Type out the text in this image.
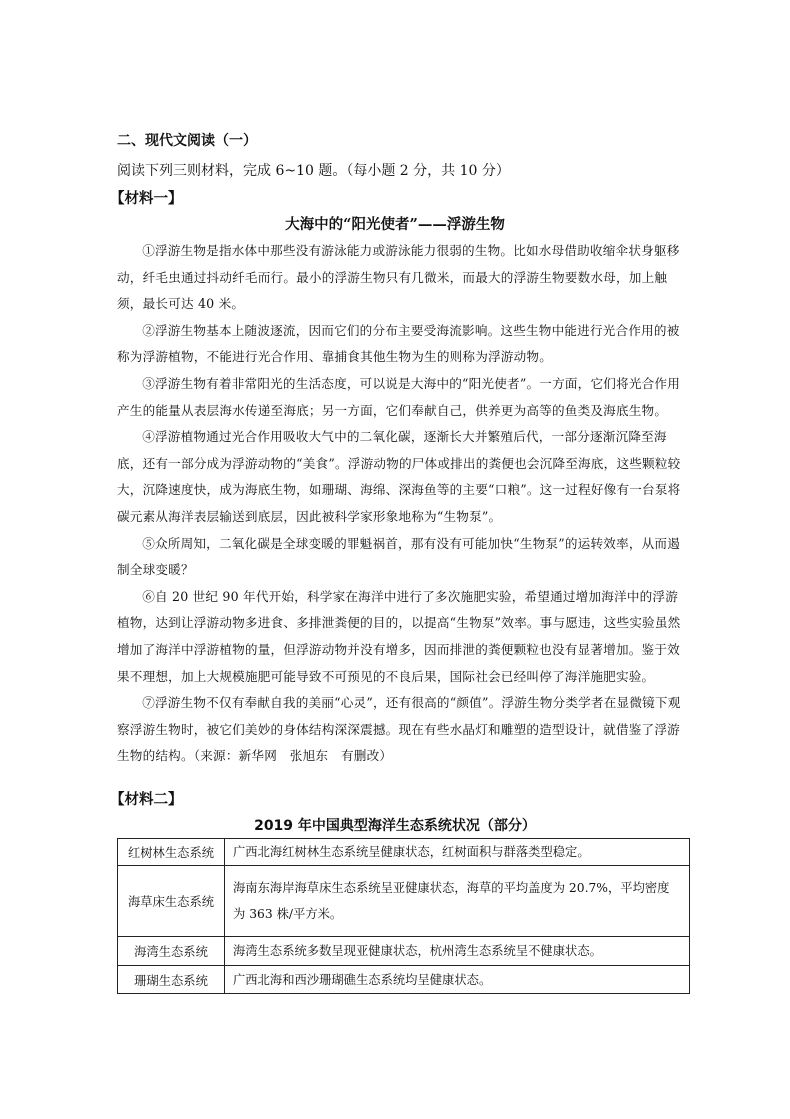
二、现代文阅读（一）
阅读下列三则材料，完成 6~10 题。（每小题 2 分，共 10 分）
【材料一】
大海中的“阳光使者”——浮游生物

①浮游生物是指水体中那些没有游泳能力或游泳能力很弱的生物。比如水母借助收缩伞状身躯移动，纤毛虫通过抖动纤毛而行。最小的浮游生物只有几微米，而最大的浮游生物要数水母，加上触须，最长可达 40 米。

②浮游生物基本上随波逐流，因而它们的分布主要受海流影响。这些生物中能进行光合作用的被称为浮游植物，不能进行光合作用、靠捕食其他生物为生的则称为浮游动物。

③浮游生物有着非常阳光的生活态度，可以说是大海中的“阳光使者”。一方面，它们将光合作用产生的能量从表层海水传递至海底；另一方面，它们奉献自己，供养更为高等的鱼类及海底生物。

④浮游植物通过光合作用吸收大气中的二氧化碳，逐渐长大并繁殖后代，一部分逐渐沉降至海底，还有一部分成为浮游动物的“美食”。浮游动物的尸体或排出的粪便也会沉降至海底，这些颗粒较大，沉降速度快，成为海底生物，如珊瑚、海绵、深海鱼等的主要“口粮”。这一过程好像有一台泵将碳元素从海洋表层输送到底层，因此被科学家形象地称为“生物泵”。

⑤众所周知，二氧化碳是全球变暖的罪魁祸首，那有没有可能加快“生物泵”的运转效率，从而遏制全球变暖？

⑥自 20 世纪 90 年代开始，科学家在海洋中进行了多次施肥实验，希望通过增加海洋中的浮游植物，达到让浮游动物多进食、多排泄粪便的目的，以提高“生物泵”效率。事与愿违，这些实验虽然增加了海洋中浮游植物的量，但浮游动物并没有增多，因而排泄的粪便颗粒也没有显著增加。鉴于效果不理想，加上大规模施肥可能导致不可预见的不良后果，国际社会已经叫停了海洋施肥实验。

⑦浮游生物不仅有奉献自我的美丽“心灵”，还有很高的“颜值”。浮游生物分类学者在显微镜下观察浮游生物时，被它们美妙的身体结构深深震撼。现在有些水晶灯和雕塑的造型设计，就借鉴了浮游生物的结构。（来源：新华网　张旭东　有删改）

【材料二】
2019 年中国典型海洋生态系统状况（部分）
红树林生态系统	广西北海红树林生态系统呈健康状态，红树面积与群落类型稳定。
海草床生态系统	海南东海岸海草床生态系统呈亚健康状态，海草的平均盖度为 20.7%，平均密度为 363 株/平方米。
海湾生态系统	海湾生态系统多数呈现亚健康状态，杭州湾生态系统呈不健康状态。
珊瑚生态系统	广西北海和西沙珊瑚礁生态系统均呈健康状态。
